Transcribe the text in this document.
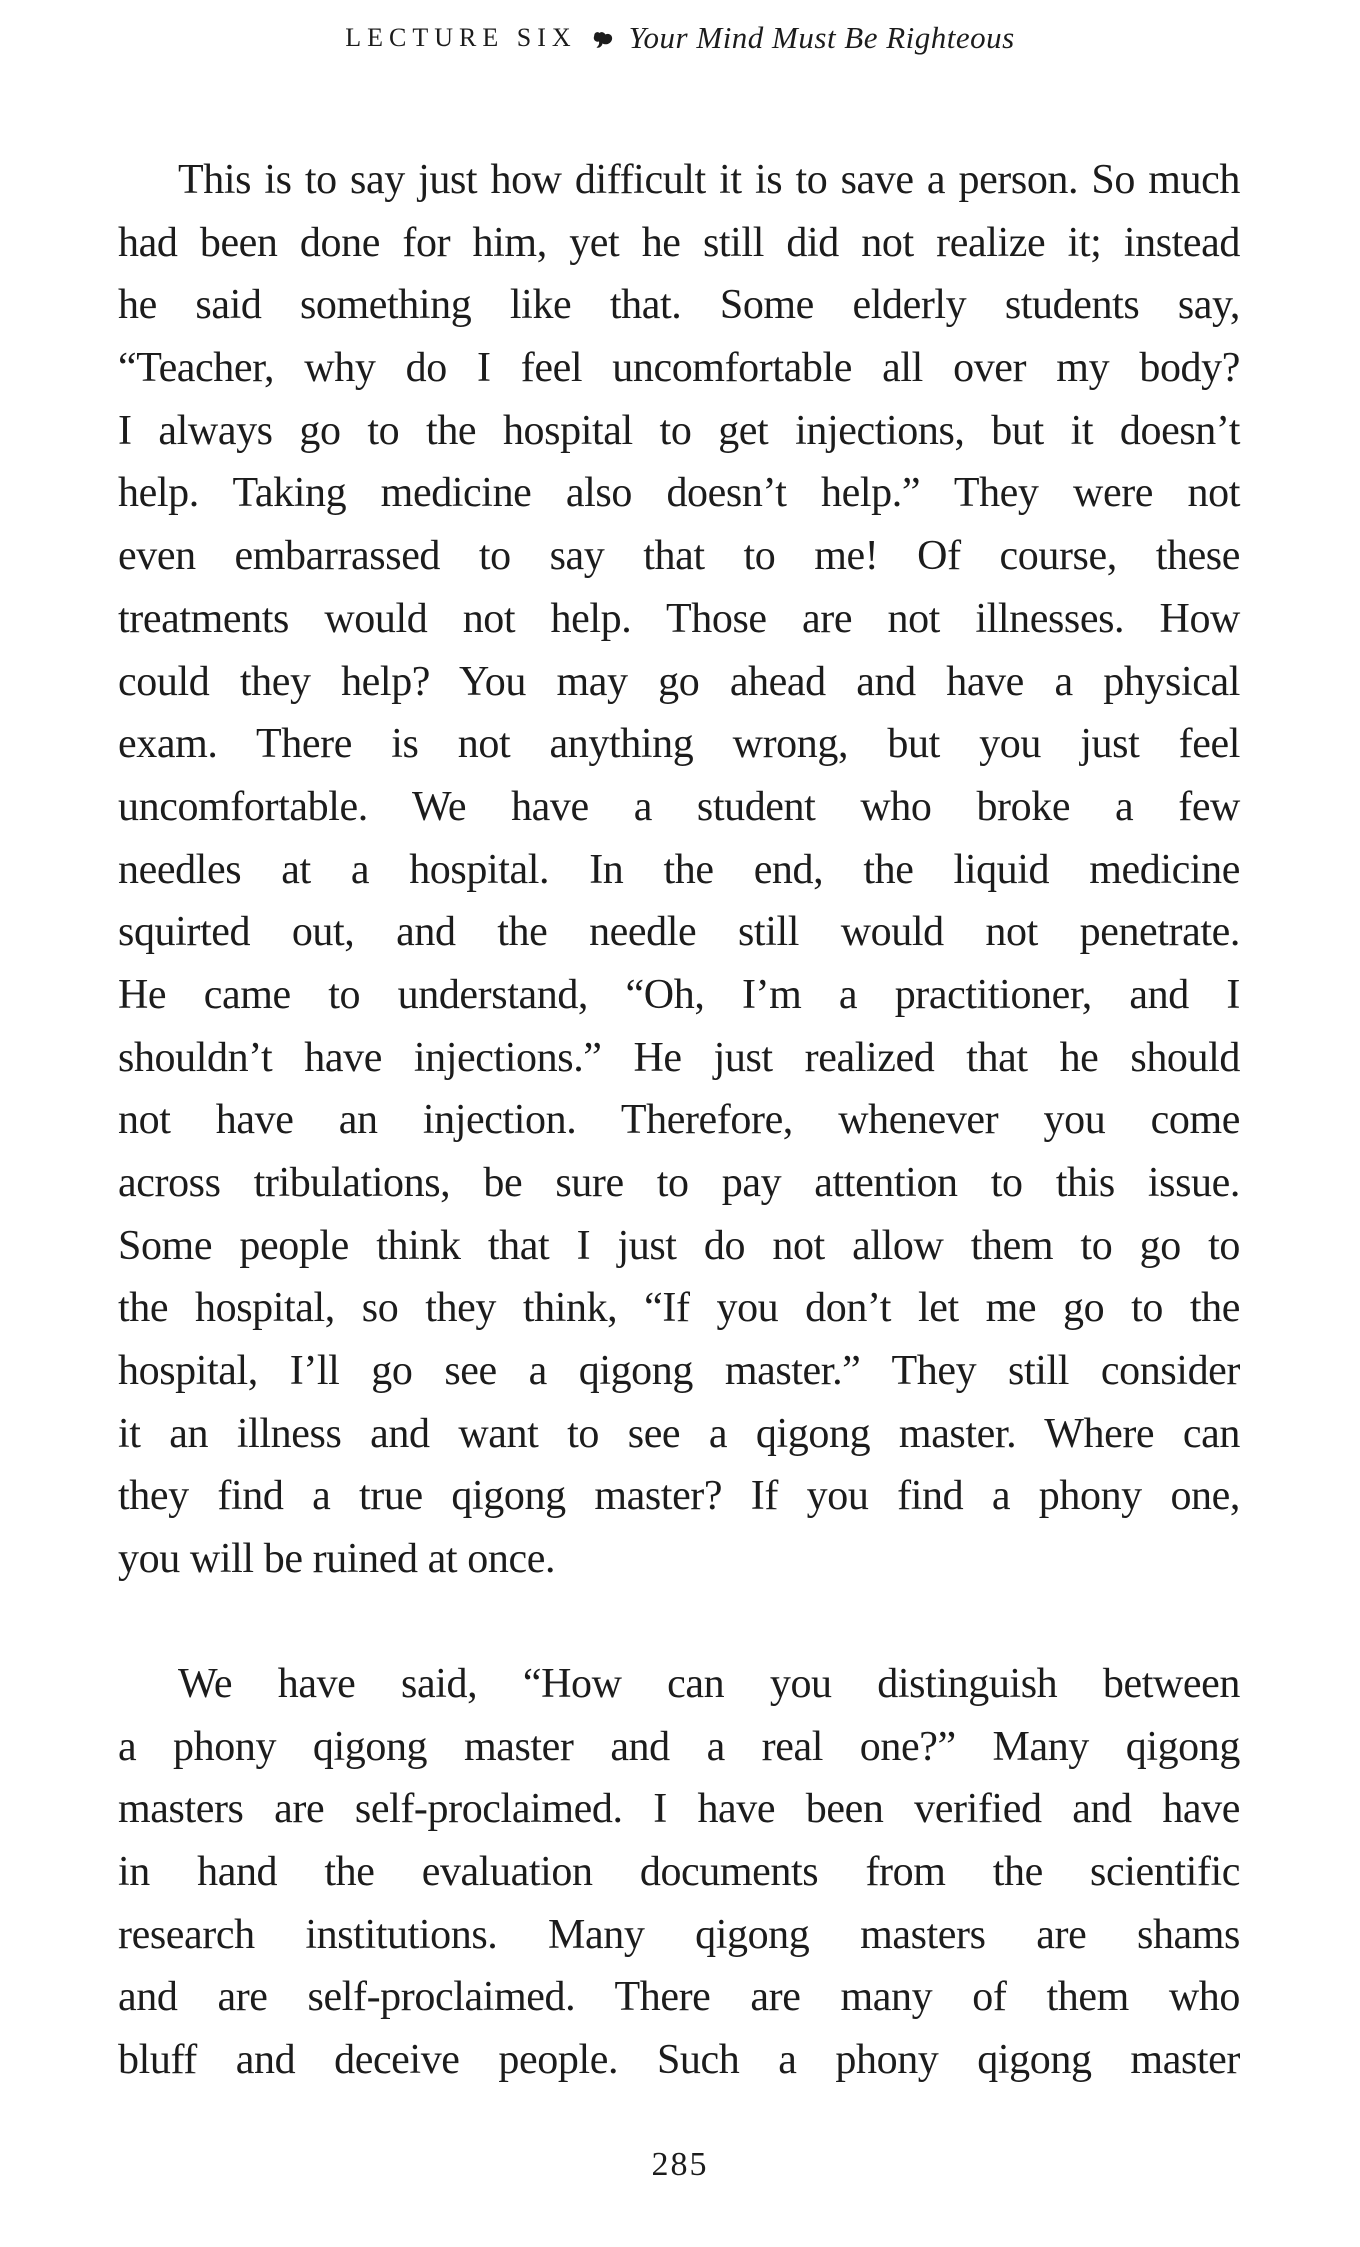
LECTURE SIX Your Mind Must Be Righteous
This is to say just how difficult it is to save a person. So much
had been done for him, yet he still did not realize it; instead
he said something like that. Some elderly students say,
“Teacher, why do I feel uncomfortable all over my body?
I always go to the hospital to get injections, but it doesn’t
help. Taking medicine also doesn’t help.” They were not
even embarrassed to say that to me! Of course, these
treatments would not help. Those are not illnesses. How
could they help? You may go ahead and have a physical
exam. There is not anything wrong, but you just feel
uncomfortable. We have a student who broke a few
needles at a hospital. In the end, the liquid medicine
squirted out, and the needle still would not penetrate.
He came to understand, “Oh, I’m a practitioner, and I
shouldn’t have injections.” He just realized that he should
not have an injection. Therefore, whenever you come
across tribulations, be sure to pay attention to this issue.
Some people think that I just do not allow them to go to
the hospital, so they think, “If you don’t let me go to the
hospital, I’ll go see a qigong master.” They still consider
it an illness and want to see a qigong master. Where can
they find a true qigong master? If you find a phony one,
you will be ruined at once.
We have said, “How can you distinguish between
a phony qigong master and a real one?” Many qigong
masters are self-proclaimed. I have been verified and have
in hand the evaluation documents from the scientific
research institutions. Many qigong masters are shams
and are self-proclaimed. There are many of them who
bluff and deceive people. Such a phony qigong master
285
